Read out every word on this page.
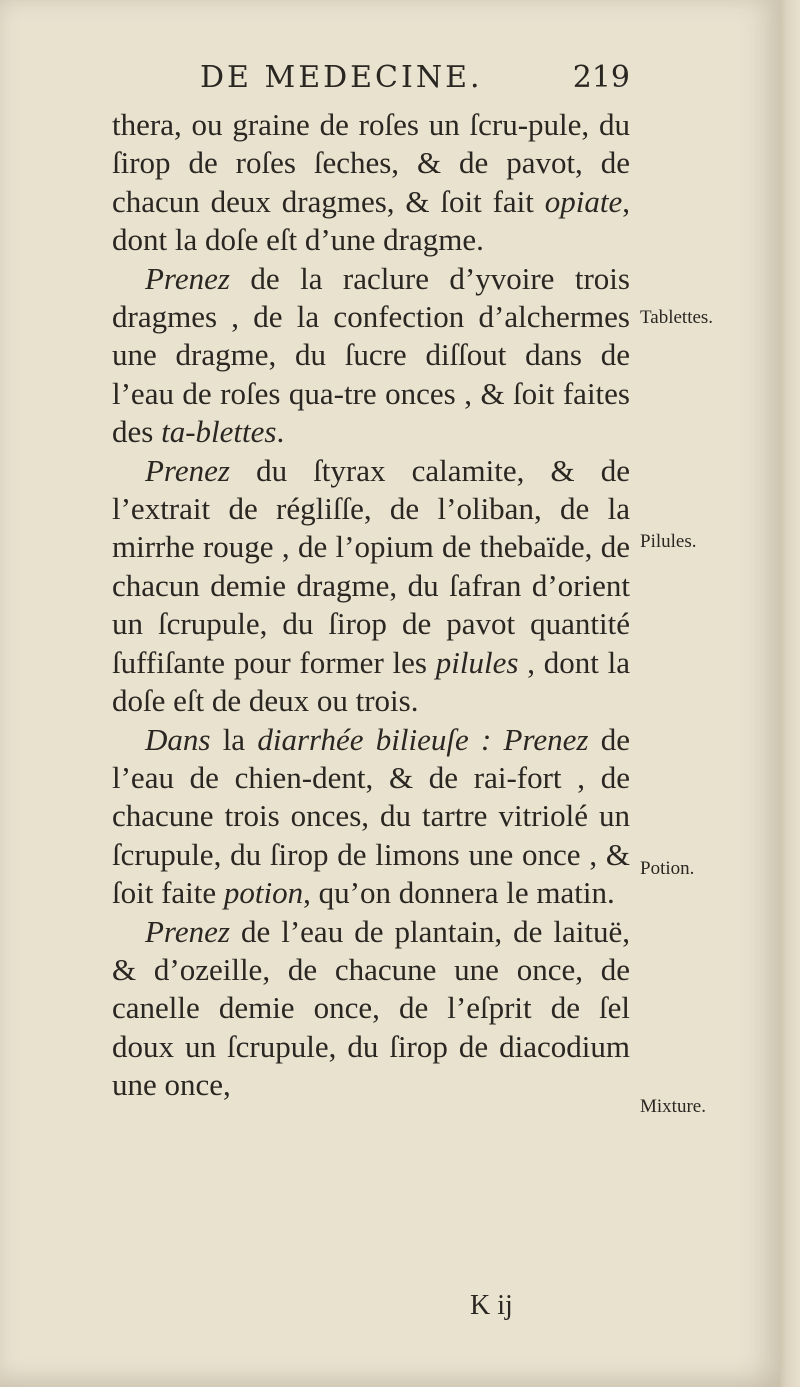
DE MEDECINE.	219

thera, ou graine de roſes un ſcru-pule, du ſirop de roſes ſeches, & de pavot, de chacun deux dragmes, & ſoit fait opiate, dont la doſe eſt d’une dragme.

Prenez de la raclure d’yvoire trois dragmes , de la confection d’alchermes une dragme, du ſucre diſſout dans de l’eau de roſes qua-tre onces , & ſoit faites des ta-blettes.

Prenez du ſtyrax calamite, & de l’extrait de régliſſe, de l’oliban, de la mirrhe rouge , de l’opium de thebaïde, de chacun demie dragme, du ſafran d’orient un ſcrupule, du ſirop de pavot quantité ſuffiſante pour former les pilules , dont la doſe eſt de deux ou trois.

Dans la diarrhée bilieuſe : Prenez de l’eau de chien-dent, & de rai-fort , de chacune trois onces, du tartre vitriolé un ſcrupule, du ſirop de limons une once , & ſoit faite potion, qu’on donnera le matin.

Prenez de l’eau de plantain, de laituë, & d’ozeille, de chacune une once, de canelle demie once, de l’eſprit de ſel doux un ſcrupule, du ſirop de diacodium une once,

Tablettes.
Pilules.
Potion.
Mixture.
K ij
